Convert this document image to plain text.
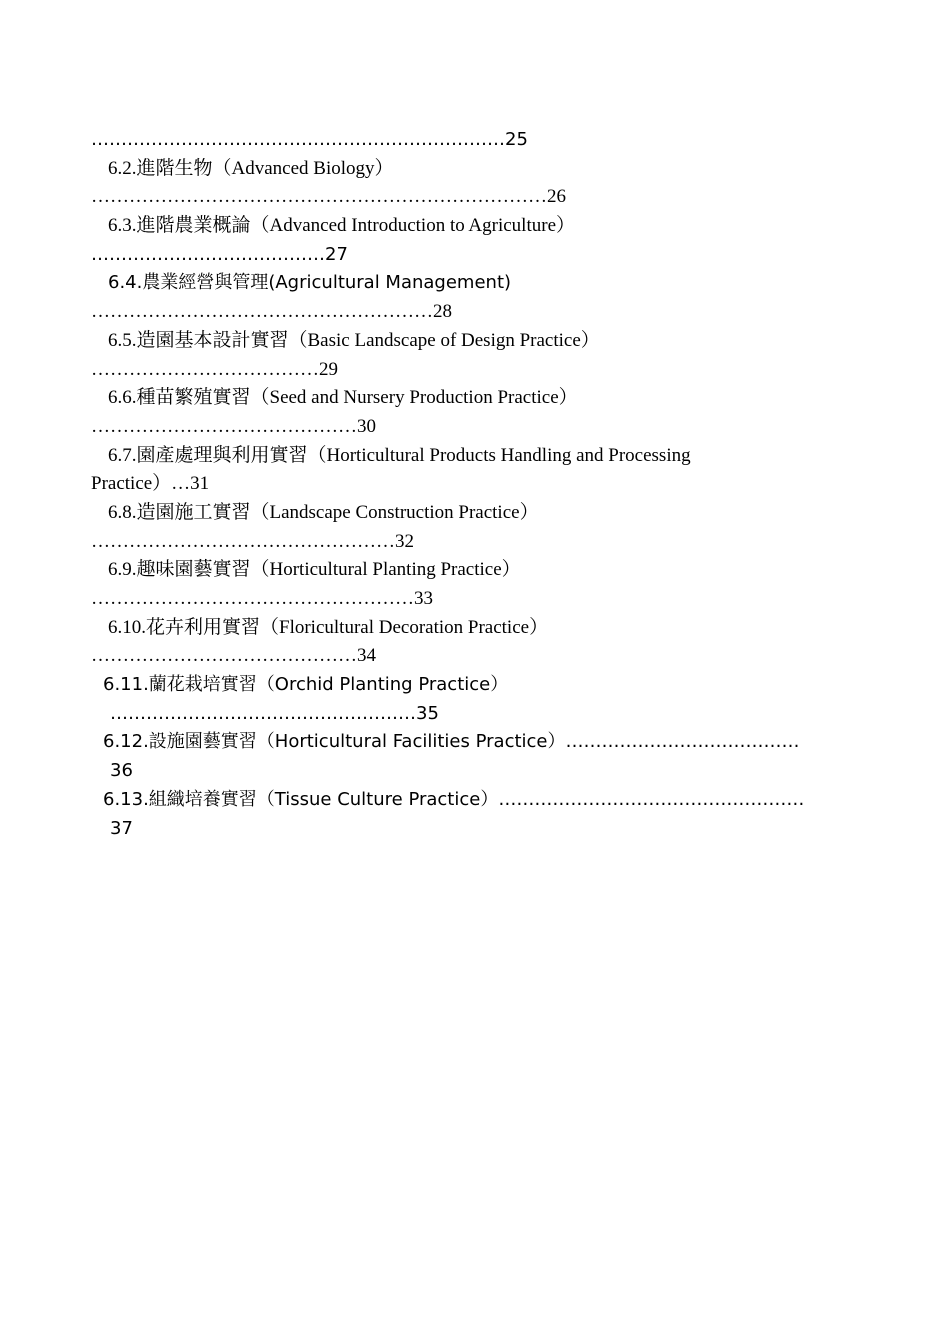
……………………………………………………………25
6.2.進階生物（Advanced Biology）
………………………………………………………………26
6.3.進階農業概論（Advanced Introduction to Agriculture）
…………………………………27
6.4.農業經營與管理(Agricultural Management)
………………………………………………28
6.5.造園基本設計實習（Basic Landscape of Design Practice）
………………………………29
6.6.種苗繁殖實習（Seed and Nursery Production Practice）
……………………………………30
6.7.園產處理與利用實習（Horticultural Products Handling and Processing
Practice）…31
6.8.造園施工實習（Landscape Construction Practice）
…………………………………………32
6.9.趣味園藝實習（Horticultural Planting Practice）
……………………………………………33
6.10.花卉利用實習（Floricultural Decoration Practice）
……………………………………34
6.11.蘭花栽培實習（Orchid Planting Practice）
……………………………………………35
6.12.設施園藝實習（Horticultural Facilities Practice）…………………………………
36
6.13.組織培養實習（Tissue Culture Practice）……………………………………………
37
